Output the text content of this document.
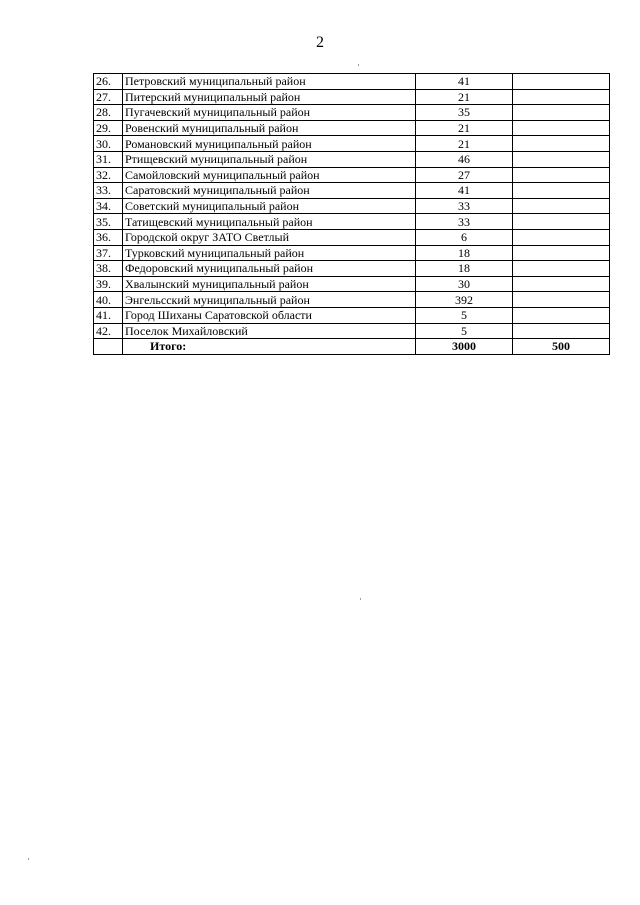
2
26.	Петровский муниципальный район	41	
27.	Питерский муниципальный район	21	
28.	Пугачевский муниципальный район	35	
29.	Ровенский муниципальный район	21	
30.	Романовский муниципальный район	21	
31.	Ртищевский муниципальный район	46	
32.	Самойловский муниципальный район	27	
33.	Саратовский муниципальный район	41	
34.	Советский муниципальный район	33	
35.	Татищевский муниципальный район	33	
36.	Городской округ ЗАТО Светлый	6	
37.	Турковский муниципальный район	18	
38.	Федоровский муниципальный район	18	
39.	Хвалынский муниципальный район	30	
40.	Энгельсский муниципальный район	392	
41.	Город Шиханы Саратовской области	5	
42.	Поселок Михайловский	5	
	Итого:	3000	500
